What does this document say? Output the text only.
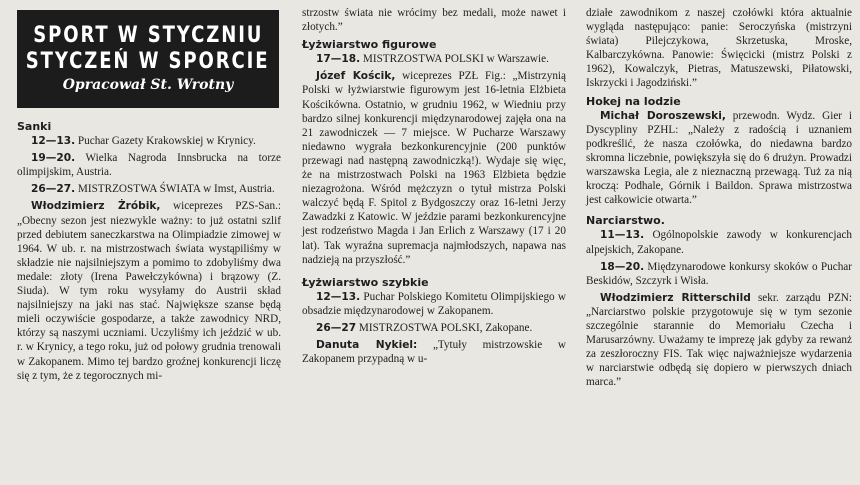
SPORT W STYCZNIU
STYCZEŃ W SPORCIE
Opracował St. Wrotny

Sanki

12—13. Puchar Gazety Krakowskiej w Krynicy.

19—20. Wielka Nagroda Innsbrucka na torze olimpijskim, Austria.

26—27. MISTRZOSTWA ŚWIATA w Imst, Austria.

Włodzimierz Żróbik, wiceprezes PZS-San.: „Obecny sezon jest niezwykle ważny: to już ostatni szlif przed debiutem saneczkarstwa na Olimpiadzie zimowej w 1964. W ub. r. na mistrzostwach świata wystąpiliśmy w składzie nie najsilniejszym a pomimo to zdobyliśmy dwa medale: złoty (Irena Pawełczykówna) i brązowy (Z. Siuda). W tym roku wysyłamy do Austrii skład najsilniejszy na jaki nas stać. Największe szanse będą mieli oczywiście gospodarze, a także zawodnicy NRD, którzy są naszymi uczniami. Uczyliśmy ich jeździć w ub. r. w Krynicy, a tego roku, już od połowy grudnia trenowali w Zakopanem. Mimo tej bardzo groźnej konkurencji liczę się z tym, że z tegorocznych mi-

strzostw świata nie wrócimy bez medali, może nawet i złotych.”

Łyżwiarstwo figurowe

17—18. MISTRZOSTWA POLSKI w Warszawie.

Józef Kościk, wiceprezes PZŁ Fig.: „Mistrzynią Polski w łyżwiarstwie figurowym jest 16-letnia Elżbieta Kościkówna. Ostatnio, w grudniu 1962, w Wiedniu przy bardzo silnej konkurencji międzynarodowej zajęła ona na 21 zawodniczek — 7 miejsce. W Pucharze Warszawy niedawno wygrała bezkonkurencyjnie (200 punktów przewagi nad następną zawodniczką!). Wydaje się więc, że na mistrzostwach Polski na 1963 Elżbieta będzie niezagrożona. Wśród mężczyzn o tytuł mistrza Polski walczyć będą F. Spitol z Bydgoszczy oraz 16-letni Jerzy Zawadzki z Katowic. W jeździe parami bezkonkurencyjne jest rodzeństwo Magda i Jan Erlich z Warszawy (17 i 20 lat). Tak wyraźna supremacja najmłodszych, napawa nas nadzieją na przyszłość.”

Łyżwiarstwo szybkie

12—13. Puchar Polskiego Komitetu Olimpijskiego w obsadzie międzynarodowej w Zakopanem.

26—27 MISTRZOSTWA POLSKI, Zakopane.

Danuta Nykiel: „Tytuły mistrzowskie w Zakopanem przypadną w u-

działe zawodnikom z naszej czołówki która aktualnie wygląda następująco: panie: Seroczyńska (mistrzyni świata) Pilejczykowa, Skrzetuska, Mroske, Kalbarczykówna. Panowie: Święcicki (mistrz Polski z 1962), Kowalczyk, Pietras, Matuszewski, Piłatowski, Iskrzycki i Jagodziński.”

Hokej na lodzie

Michał Doroszewski, przewodn. Wydz. Gier i Dyscypliny PZHL: „Należy z radością i uznaniem podkreślić, że nasza czołówka, do niedawna bardzo skromna liczebnie, powiększyła się do 6 drużyn. Prowadzi warszawska Legia, ale z nieznaczną przewagą. Tuż za nią kroczą: Podhale, Górnik i Baildon. Sprawa mistrzostwa jest całkowicie otwarta.”

Narciarstwo.

11—13. Ogólnopolskie zawody w konkurencjach alpejskich, Zakopane.

18—20. Międzynarodowe konkursy skoków o Puchar Beskidów, Szczyrk i Wisła.

Włodzimierz Ritterschild sekr. zarządu PZN: „Narciarstwo polskie przygotowuje się w tym sezonie szczególnie starannie do Memoriału Czecha i Marusarzówny. Uważamy te imprezę jak gdyby za rewanż za zeszłoroczny FIS. Tak więc najważniejsze wydarzenia w narciarstwie odbędą się dopiero w pierwszych dniach marca.”
